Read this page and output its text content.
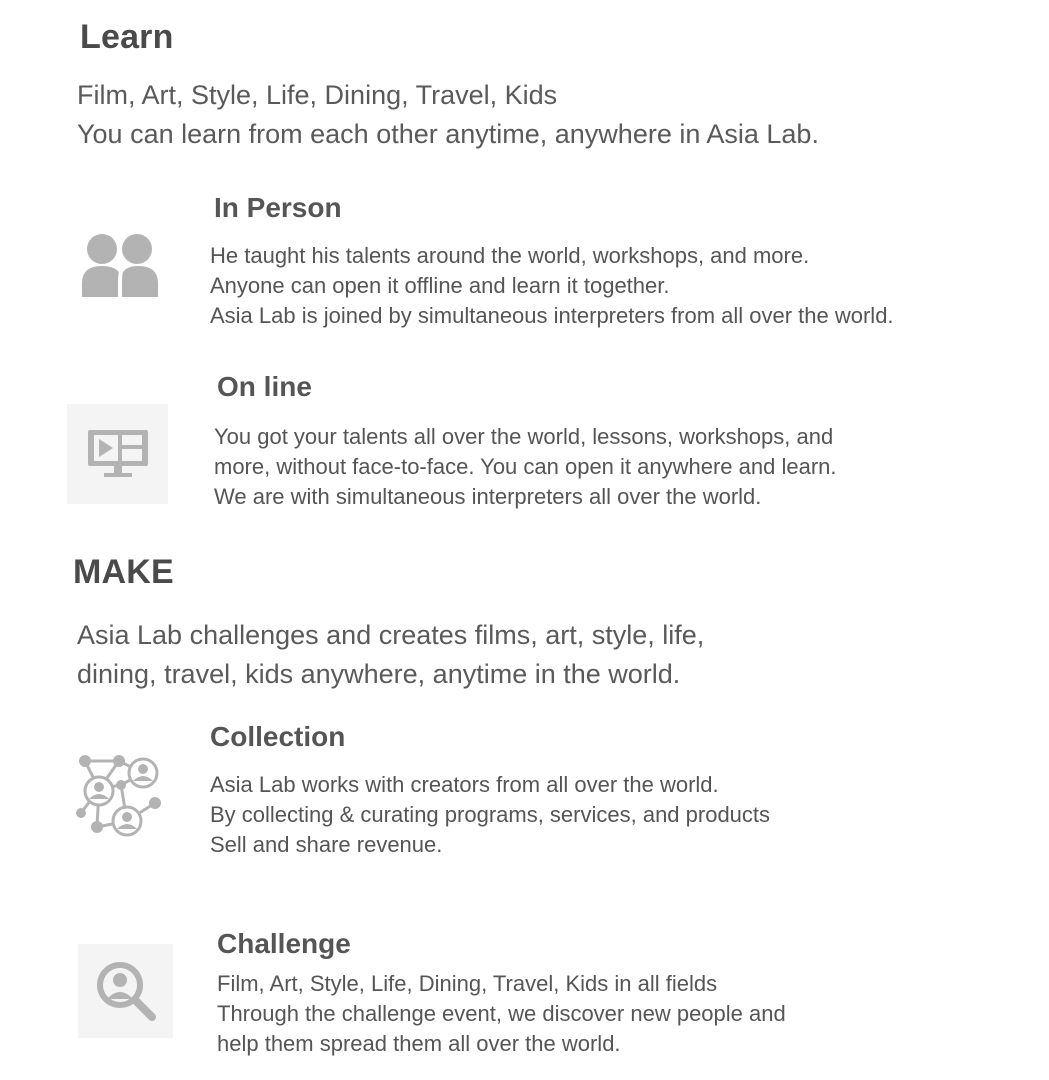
Learn
Film, Art, Style, Life, Dining, Travel, Kids
You can learn from each other anytime, anywhere in Asia Lab.
In Person
He taught his talents around the world, workshops, and more.
Anyone can open it offline and learn it together.
Asia Lab is joined by simultaneous interpreters from all over the world.
On line
You got your talents all over the world, lessons, workshops, and
more, without face-to-face. You can open it anywhere and learn.
We are with simultaneous interpreters all over the world.
MAKE
Asia Lab challenges and creates films, art, style, life,
dining, travel, kids anywhere, anytime in the world.
Collection
Asia Lab works with creators from all over the world.
By collecting & curating programs, services, and products
Sell and share revenue.
Challenge
Film, Art, Style, Life, Dining, Travel, Kids in all fields
Through the challenge event, we discover new people and
help them spread them all over the world.
